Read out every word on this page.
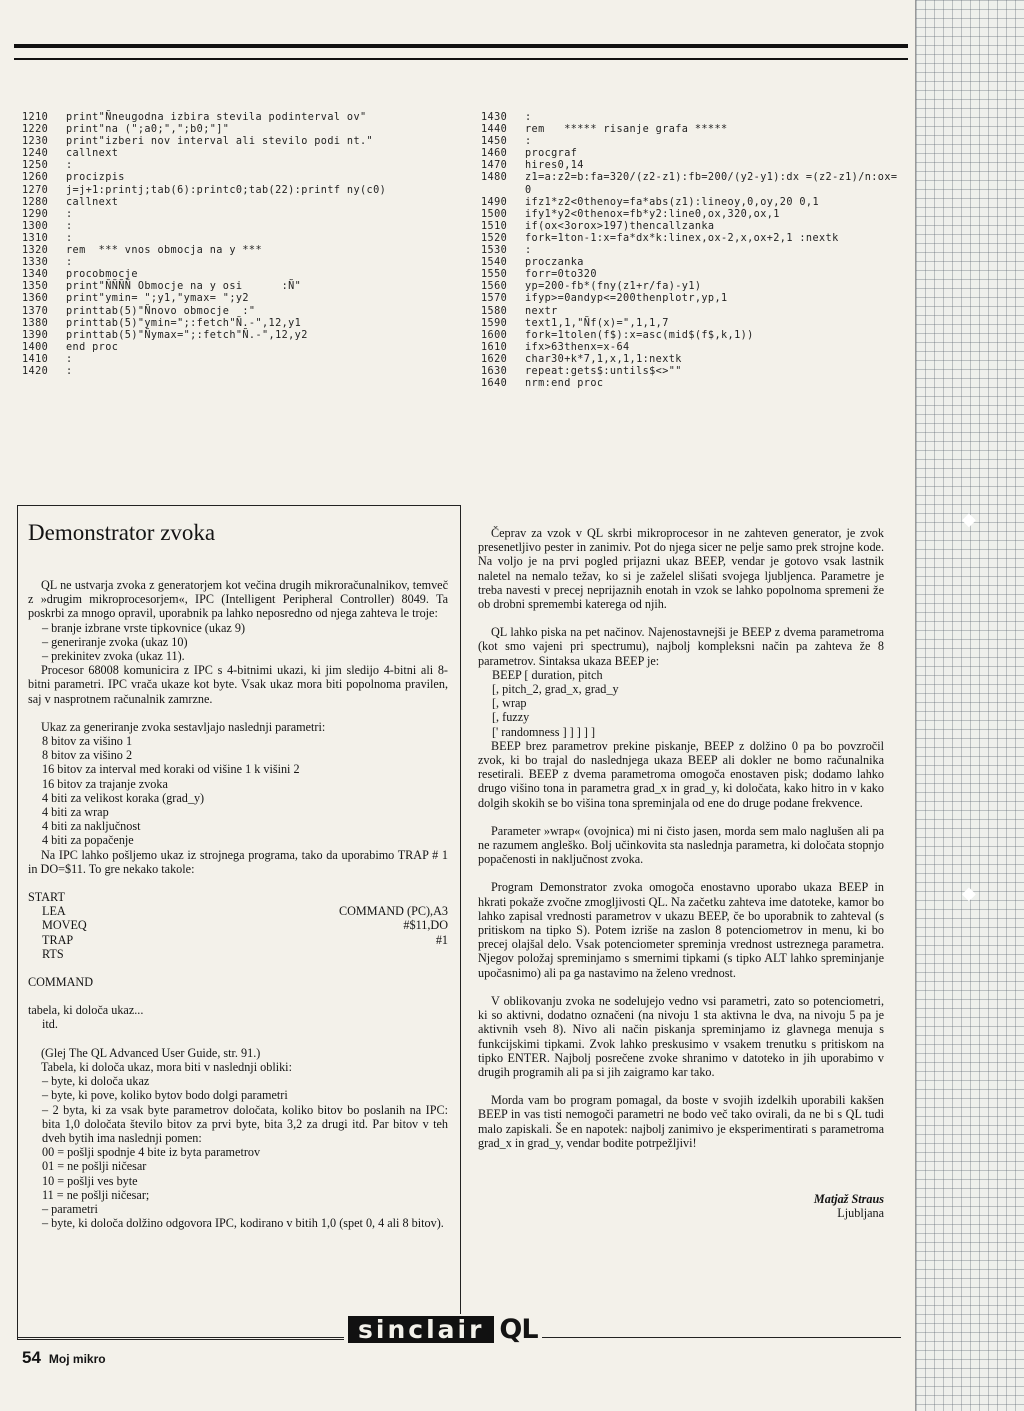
◆
◆
1210	print"Ñneugodna izbira stevila podinterval ov"
1220	print"na (";a0;",";b0;"]"
1230	print"izberi nov interval ali stevilo podi nt."
1240	callnext
1250	:
1260	procizpis
1270	j=j+1:printj;tab(6):printc0;tab(22):printf ny(c0)
1280	callnext
1290	:
1300	:
1310	:
1320	rem  *** vnos obmocja na y ***
1330	:
1340	procobmocje
1350	print"ÑÑÑÑ Obmocje na y osi      :Ñ"
1360	print"ymin= ";y1,"ymax= ";y2
1370	printtab(5)"Ñnovo obmocje  :"
1380	printtab(5)"ymin=";:fetch"Ñ.-",12,y1
1390	printtab(5)"Ñymax=";:fetch"Ñ.-",12,y2
1400	end proc
1410	:
1420	:
1430	:
1440	rem   ***** risanje grafa *****
1450	:
1460	procgraf
1470	hires0,14
1480	z1=a:z2=b:fa=320/(z2-z1):fb=200/(y2-y1):dx =(z2-z1)/n:ox=0
1490	ifz1*z2<0thenoy=fa*abs(z1):lineoy,0,oy,20 0,1
1500	ify1*y2<0thenox=fb*y2:line0,ox,320,ox,1
1510	if(ox<3orox>197)thencallzanka
1520	fork=1ton-1:x=fa*dx*k:linex,ox-2,x,ox+2,1 :nextk
1530	:
1540	proczanka
1550	forr=0to320
1560	yp=200-fb*(fny(z1+r/fa)-y1)
1570	ifyp>=0andyp<=200thenplotr,yp,1
1580	nextr
1590	text1,1,"Ñf(x)=",1,1,7
1600	fork=1tolen(f$):x=asc(mid$(f$,k,1))
1610	ifx>63thenx=x-64
1620	char30+k*7,1,x,1,1:nextk
1630	repeat:gets$:untils$<>""
1640	nrm:end proc
Demonstrator zvoka

QL ne ustvarja zvoka z generatorjem kot večina drugih mikroračunalnikov, temveč z »drugim mikroprocesorjem«, IPC (Intelligent Peripheral Controller) 8049. Ta poskrbi za mnogo opravil, uporabnik pa lahko neposredno od njega zahteva le troje:

– branje izbrane vrste tipkovnice (ukaz 9)

– generiranje zvoka (ukaz 10)

– prekinitev zvoka (ukaz 11).

Procesor 68008 komunicira z IPC s 4-bitnimi ukazi, ki jim sledijo 4-bitni ali 8-bitni parametri. IPC vrača ukaze kot byte. Vsak ukaz mora biti popolnoma pravilen, saj v nasprotnem računalnik zamrzne.

Ukaz za generiranje zvoka sestavljajo naslednji parametri:

8 bitov za višino 1

8 bitov za višino 2

16 bitov za interval med koraki od višine 1 k višini 2

16 bitov za trajanje zvoka

4 biti za velikost koraka (grad_y)

4 biti za wrap

4 biti za naključnost

4 biti za popačenje

Na IPC lahko pošljemo ukaz iz strojnega programa, tako da uporabimo TRAP # 1 in DO=$11. To gre nekako takole:

START

LEA	COMMAND (PC),A3
MOVEQ	#$11,DO
TRAP	#1
RTS

COMMAND

tabela, ki določa ukaz...

itd.

(Glej The QL Advanced User Guide, str. 91.)

Tabela, ki določa ukaz, mora biti v naslednji obliki:

– byte, ki določa ukaz

– byte, ki pove, koliko bytov bodo dolgi parametri

– 2 byta, ki za vsak byte parametrov določata, koliko bitov bo poslanih na IPC: bita 1,0 določata število bitov za prvi byte, bita 3,2 za drugi itd. Par bitov v teh dveh bytih ima naslednji pomen:

00 = pošlji spodnje 4 bite iz byta parametrov

01 = ne pošlji ničesar

10 = pošlji ves byte

11 = ne pošlji ničesar;

– parametri

– byte, ki določa dolžino odgovora IPC, kodirano v bitih 1,0 (spet 0, 4 ali 8 bitov).

Čeprav za vzok v QL skrbi mikroprocesor in ne zahteven generator, je zvok presenetljivo pester in zanimiv. Pot do njega sicer ne pelje samo prek strojne kode. Na voljo je na prvi pogled prijazni ukaz BEEP, vendar je gotovo vsak lastnik naletel na nemalo težav, ko si je zaželel slišati svojega ljubljenca. Parametre je treba navesti v precej neprijaznih enotah in vzok se lahko popolnoma spremeni že ob drobni spremembi katerega od njih.

QL lahko piska na pet načinov. Najenostavnejši je BEEP z dvema parametroma (kot smo vajeni pri spectrumu), najbolj kompleksni način pa zahteva že 8 parametrov. Sintaksa ukaza BEEP je:

BEEP [ duration, pitch

[, pitch_2, grad_x, grad_y

[, wrap

[, fuzzy

[' randomness ] ] ] ] ]

BEEP brez parametrov prekine piskanje, BEEP z dolžino 0 pa bo povzročil zvok, ki bo trajal do naslednjega ukaza BEEP ali dokler ne bomo računalnika resetirali. BEEP z dvema parametroma omogoča enostaven pisk; dodamo lahko drugo višino tona in parametra grad_x in grad_y, ki določata, kako hitro in v kako dolgih skokih se bo višina tona spreminjala od ene do druge podane frekvence.

Parameter »wrap« (ovojnica) mi ni čisto jasen, morda sem malo naglušen ali pa ne razumem angleško. Bolj učinkovita sta naslednja parametra, ki določata stopnjo popačenosti in naključnost zvoka.

Program Demonstrator zvoka omogoča enostavno uporabo ukaza BEEP in hkrati pokaže zvočne zmogljivosti QL. Na začetku zahteva ime datoteke, kamor bo lahko zapisal vrednosti parametrov v ukazu BEEP, če bo uporabnik to zahteval (s pritiskom na tipko S). Potem izriše na zaslon 8 potenciometrov in menu, ki bo precej olajšal delo. Vsak potenciometer spreminja vrednost ustreznega parametra. Njegov položaj spreminjamo s smernimi tipkami (s tipko ALT lahko spreminjanje upočasnimo) ali pa ga nastavimo na želeno vrednost.

V oblikovanju zvoka ne sodelujejo vedno vsi parametri, zato so potenciometri, ki so aktivni, dodatno označeni (na nivoju 1 sta aktivna le dva, na nivoju 5 pa je aktivnih vseh 8). Nivo ali način piskanja spreminjamo iz glavnega menuja s funkcijskimi tipkami. Zvok lahko preskusimo v vsakem trenutku s pritiskom na tipko ENTER. Najbolj posrečene zvoke shranimo v datoteko in jih uporabimo v drugih programih ali pa si jih zaigramo kar tako.

Morda vam bo program pomagal, da boste v svojih izdelkih uporabili kakšen BEEP in vas tisti nemogoči parametri ne bodo več tako ovirali, da ne bi s QL tudi malo zapiskali. Še en napotek: najbolj zanimivo je eksperimentirati s parametroma grad_x in grad_y, vendar bodite potrpežljivi!

Matjaž Straus

Ljubljana

sinclair QL
54 Moj mikro
